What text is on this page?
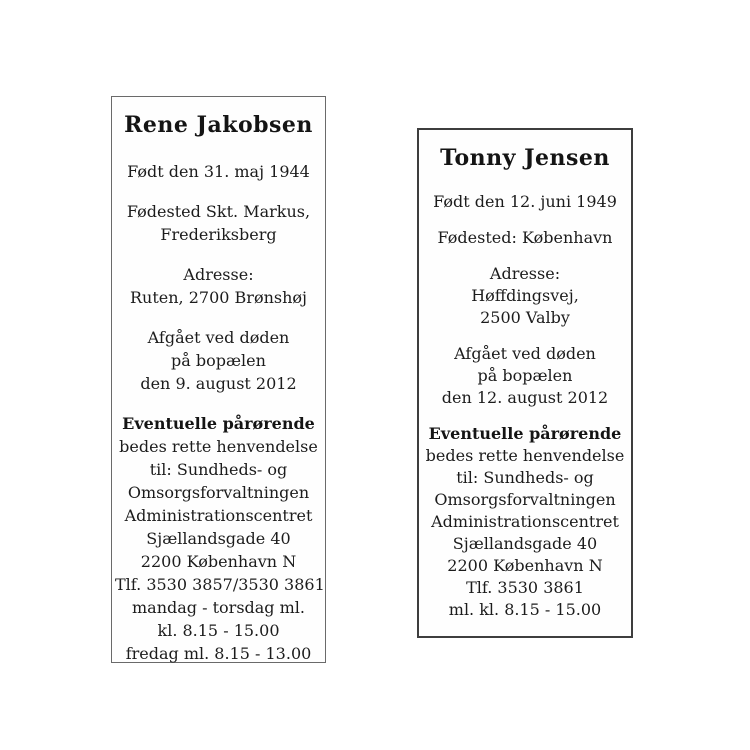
Rene Jakobsen

Født den 31. maj 1944

Fødested Skt. Markus,
Frederiksberg

Adresse:
Ruten, 2700 Brønshøj

Afgået ved døden
på bopælen
den 9. august 2012

Eventuelle pårørende
bedes rette henvendelse
til: Sundheds- og
Omsorgsforvaltningen
Administrationscentret
Sjællandsgade 40
2200 København N
Tlf. 3530 3857/3530 3861
mandag - torsdag ml.
kl. 8.15 - 15.00
fredag ml. 8.15 - 13.00

Tonny Jensen

Født den 12. juni 1949

Fødested: København

Adresse:
Høffdingsvej,
2500 Valby

Afgået ved døden
på bopælen
den 12. august 2012

Eventuelle pårørende
bedes rette henvendelse
til: Sundheds- og
Omsorgsforvaltningen
Administrationscentret
Sjællandsgade 40
2200 København N
Tlf. 3530 3861
ml. kl. 8.15 - 15.00
